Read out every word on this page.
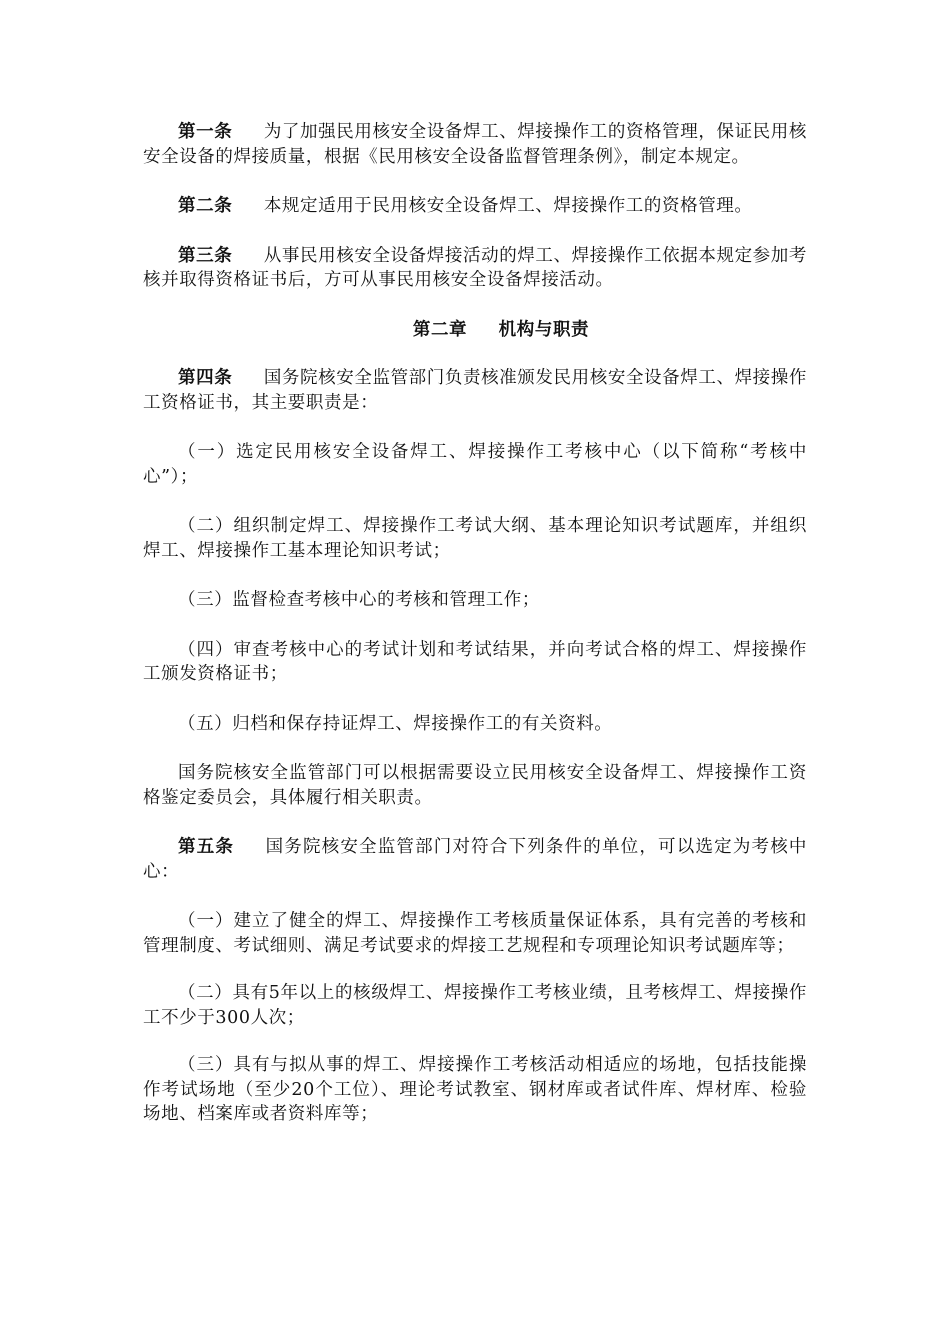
第一条 为了加强民用核安全设备焊工、焊接操作工的资格管理，保证民用核安全设备的焊接质量，根据《民用核安全设备监督管理条例》，制定本规定。

第二条 本规定适用于民用核安全设备焊工、焊接操作工的资格管理。

第三条 从事民用核安全设备焊接活动的焊工、焊接操作工依据本规定参加考核并取得资格证书后，方可从事民用核安全设备焊接活动。

第二章 机构与职责

第四条 国务院核安全监管部门负责核准颁发民用核安全设备焊工、焊接操作工资格证书，其主要职责是：

（一）选定民用核安全设备焊工、焊接操作工考核中心（以下简称“考核中心”）；

（二）组织制定焊工、焊接操作工考试大纲、基本理论知识考试题库，并组织焊工、焊接操作工基本理论知识考试；

（三）监督检查考核中心的考核和管理工作；

（四）审查考核中心的考试计划和考试结果，并向考试合格的焊工、焊接操作工颁发资格证书；

（五）归档和保存持证焊工、焊接操作工的有关资料。

国务院核安全监管部门可以根据需要设立民用核安全设备焊工、焊接操作工资格鉴定委员会，具体履行相关职责。

第五条 国务院核安全监管部门对符合下列条件的单位，可以选定为考核中心：

（一）建立了健全的焊工、焊接操作工考核质量保证体系，具有完善的考核和管理制度、考试细则、满足考试要求的焊接工艺规程和专项理论知识考试题库等；

（二）具有5年以上的核级焊工、焊接操作工考核业绩，且考核焊工、焊接操作工不少于300人次；

（三）具有与拟从事的焊工、焊接操作工考核活动相适应的场地，包括技能操作考试场地（至少20个工位）、理论考试教室、钢材库或者试件库、焊材库、检验场地、档案库或者资料库等；
